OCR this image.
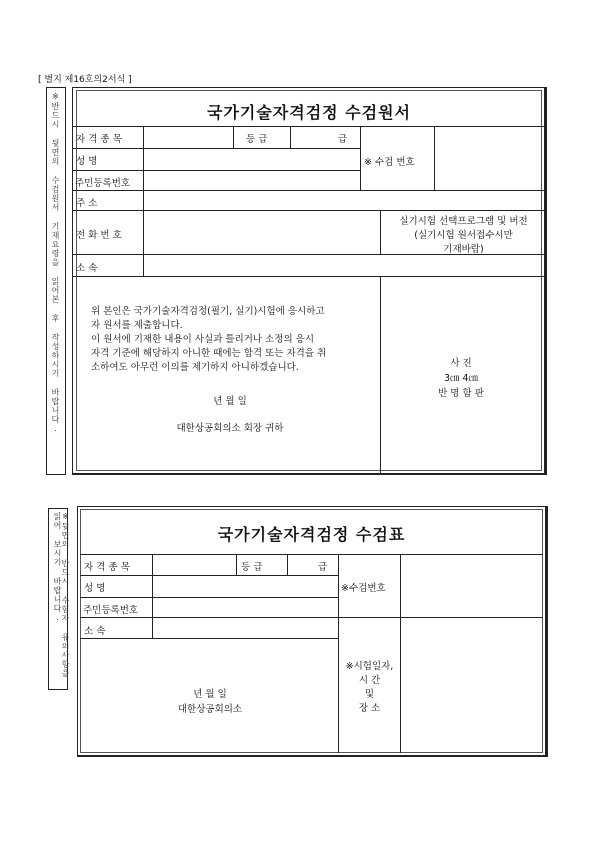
[ 별지 제16호의2서식 ]
※반드시 뒷면의 수검원서 기재요령을 읽어본 후 작성하시기 바랍니다.	국가기술자격검정 수검원서
자 격 종 목	등 급	급
성 명	※ 수검 번호
주민등록번호
주 소
전 화 번 호
실기시험 선택프로그램 및 버전
(실기시험 원서접수시만
기재바람)
소 속
위 본인은 국가기술자격검정(필기, 실기)시험에 응시하고
자 원서를 제출합니다.
이 원서에 기재한 내용이 사실과 틀리거나 소정의 응시
자격 기준에 해당하지 아니한 때에는 합격 또는 자격을 취
소하여도 아무런 이의를 제기하지 아니하겠습니다.
년 월 일
대한상공회의소 회장 귀하
사 진
3㎝ 4㎝
반 명 함 판
※뒷면의 반드시 수험자 유의사항을 읽어 보시기 바랍니다.	국가기술자격검정 수검표
자 격 종 목	등 급	급
성 명	※수검번호
주민등록번호
소 속
※시험일자,
시 간
및
장 소
년 월 일
대한상공회의소
